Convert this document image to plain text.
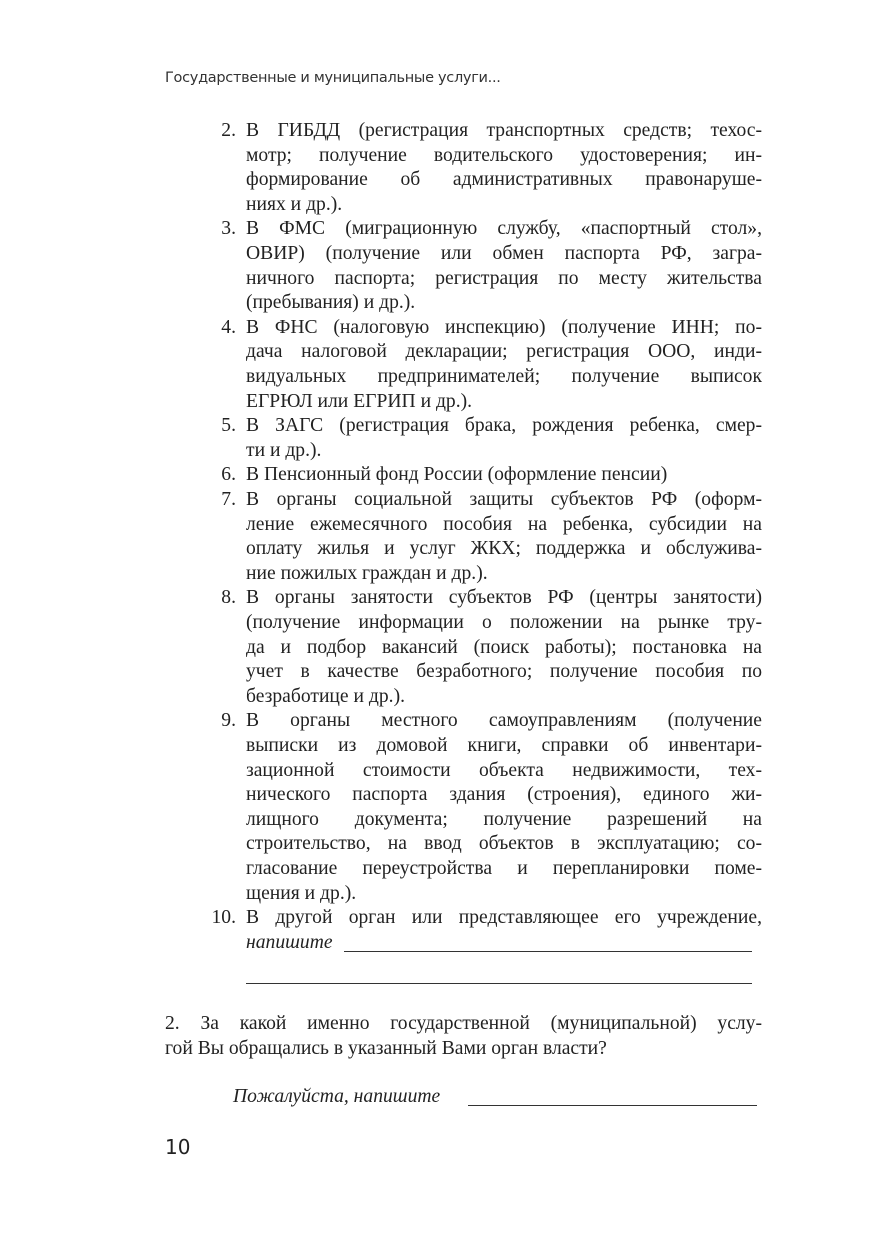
Государственные и муниципальные услуги...
2. В ГИБДД (регистрация транспортных средств; техос-
мотр; получение водительского удостоверения; ин-
формирование об административных правонаруше-
ниях и др.).
3. В ФМС (миграционную службу, «паспортный стол»,
ОВИР) (получение или обмен паспорта РФ, загра-
ничного паспорта; регистрация по месту жительства
(пребывания) и др.).
4. В ФНС (налоговую инспекцию) (получение ИНН; по-
дача налоговой декларации; регистрация ООО, инди-
видуальных предпринимателей; получение выписок
ЕГРЮЛ или ЕГРИП и др.).
5. В ЗАГС (регистрация брака, рождения ребенка, смер-
ти и др.).
6. В Пенсионный фонд России (оформление пенсии)
7. В органы социальной защиты субъектов РФ (оформ-
ление ежемесячного пособия на ребенка, субсидии на
оплату жилья и услуг ЖКХ; поддержка и обслужива-
ние пожилых граждан и др.).
8. В органы занятости субъектов РФ (центры занятости)
(получение информации о положении на рынке тру-
да и подбор вакансий (поиск работы); постановка на
учет в качестве безработного; получение пособия по
безработице и др.).
9. В органы местного самоуправлениям (получение
выписки из домовой книги, справки об инвентари-
зационной стоимости объекта недвижимости, тех-
нического паспорта здания (строения), единого жи-
лищного документа; получение разрешений на
строительство, на ввод объектов в эксплуатацию; со-
гласование переустройства и перепланировки поме-
щения и др.).
10. В другой орган или представляющее его учреждение,
напишите
2. За какой именно государственной (муниципальной) услу-
гой Вы обращались в указанный Вами орган власти?
Пожалуйста, напишите
10
